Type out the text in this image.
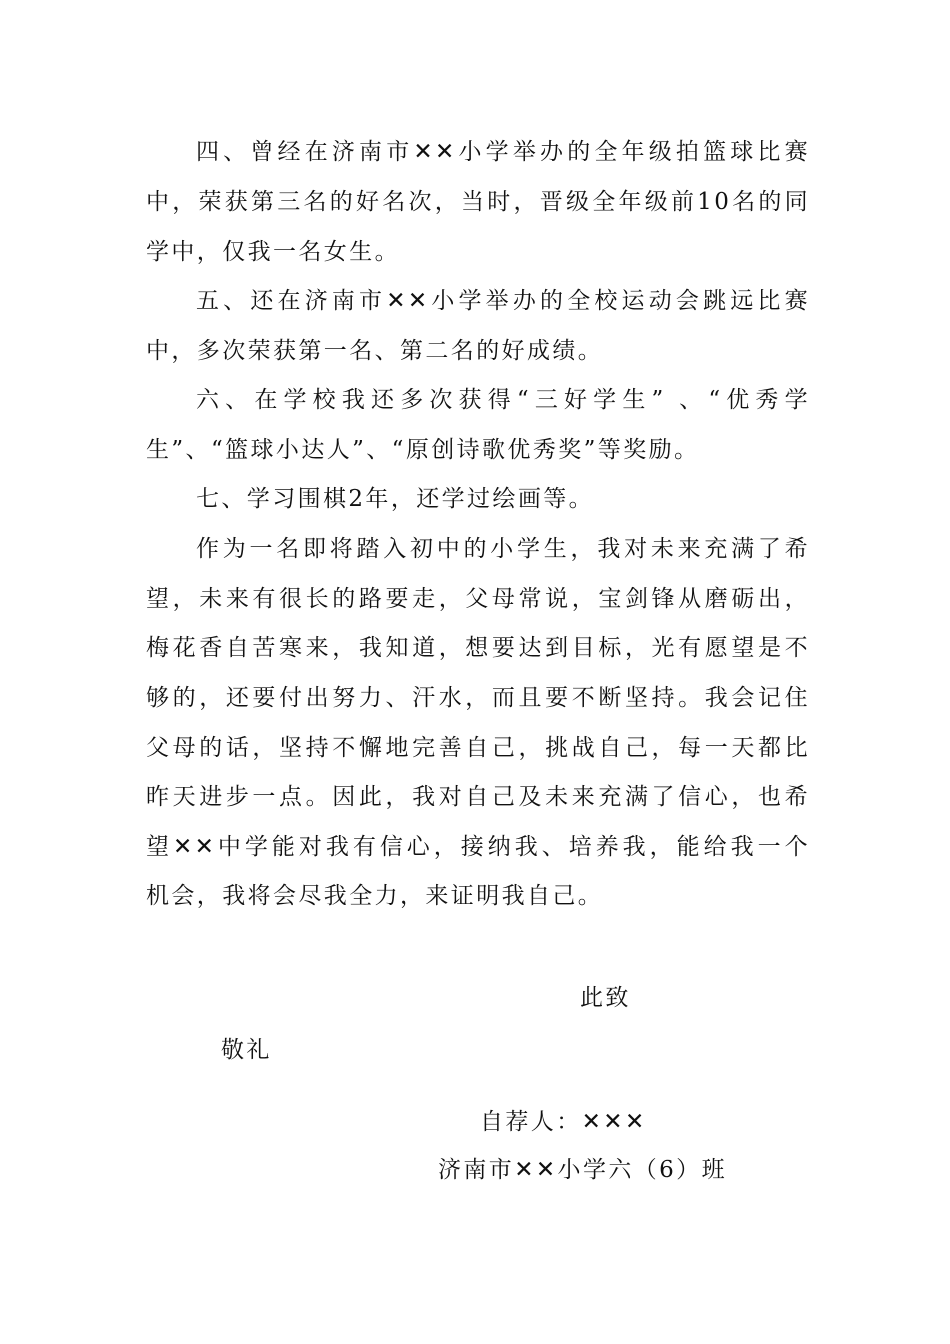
四、曾经在济南市✕✕小学举办的全年级拍篮球比赛
中，荣获第三名的好名次，当时，晋级全年级前10名的同
学中，仅我一名女生。
五、还在济南市✕✕小学举办的全校运动会跳远比赛
中，多次荣获第一名、第二名的好成绩。
六、在学校我还多次获得“三好学生” 、“优秀学
生”、“篮球小达人”、“原创诗歌优秀奖”等奖励。
七、学习围棋2年，还学过绘画等。
作为一名即将踏入初中的小学生，我对未来充满了希
望，未来有很长的路要走，父母常说，宝剑锋从磨砺出，
梅花香自苦寒来，我知道，想要达到目标，光有愿望是不
够的，还要付出努力、汗水，而且要不断坚持。我会记住
父母的话，坚持不懈地完善自己，挑战自己，每一天都比
昨天进步一点。因此，我对自己及未来充满了信心，也希
望✕✕中学能对我有信心，接纳我、培养我，能给我一个
机会，我将会尽我全力，来证明我自己。
此致
敬礼
自荐人：✕✕✕
济南市✕✕小学六（6）班
